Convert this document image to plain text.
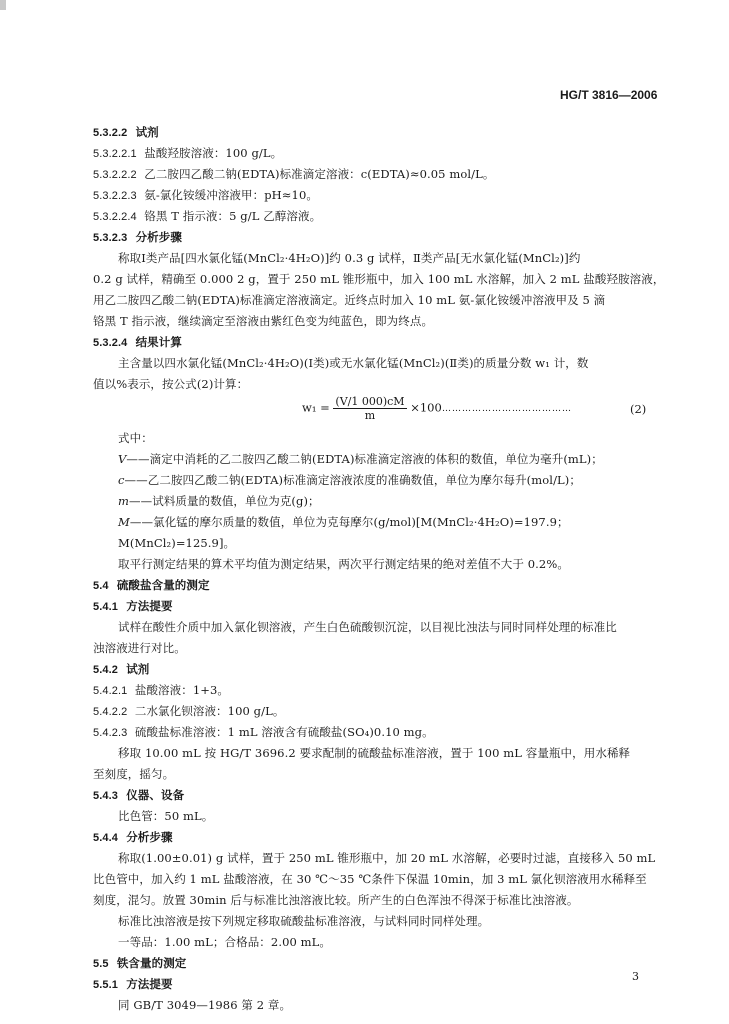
HG/T 3816—2006
5.3.2.2 试剂
5.3.2.2.1 盐酸羟胺溶液：100 g/L。
5.3.2.2.2 乙二胺四乙酸二钠(EDTA)标准滴定溶液：c(EDTA)≈0.05 mol/L。
5.3.2.2.3 氨-氯化铵缓冲溶液甲：pH≈10。
5.3.2.2.4 铬黑 T 指示液：5 g/L 乙醇溶液。
5.3.2.3 分析步骤
称取Ⅰ类产品[四水氯化锰(MnCl₂·4H₂O)]约 0.3 g 试样，Ⅱ类产品[无水氯化锰(MnCl₂)]约
0.2 g 试样，精确至 0.000 2 g，置于 250 mL 锥形瓶中，加入 100 mL 水溶解，加入 2 mL 盐酸羟胺溶液，
用乙二胺四乙酸二钠(EDTA)标准滴定溶液滴定。近终点时加入 10 mL 氨-氯化铵缓冲溶液甲及 5 滴
铬黑 T 指示液，继续滴定至溶液由紫红色变为纯蓝色，即为终点。
5.3.2.4 结果计算
主含量以四水氯化锰(MnCl₂·4H₂O)(Ⅰ类)或无水氯化锰(MnCl₂)(Ⅱ类)的质量分数 w₁ 计，数
值以%表示，按公式(2)计算：
$w_1 = \frac{(V/1 000)cM}{m} \times 100$ …………………………………	(2)
式中：
V——滴定中消耗的乙二胺四乙酸二钠(EDTA)标准滴定溶液的体积的数值，单位为毫升(mL)；
c——乙二胺四乙酸二钠(EDTA)标准滴定溶液浓度的准确数值，单位为摩尔每升(mol/L)；
m——试料质量的数值，单位为克(g)；
M——氯化锰的摩尔质量的数值，单位为克每摩尔(g/mol)[M(MnCl₂·4H₂O)=197.9；
M(MnCl₂)=125.9]。
取平行测定结果的算术平均值为测定结果，两次平行测定结果的绝对差值不大于 0.2%。
5.4 硫酸盐含量的测定
5.4.1 方法提要
试样在酸性介质中加入氯化钡溶液，产生白色硫酸钡沉淀，以目视比浊法与同时同样处理的标准比
浊溶液进行对比。
5.4.2 试剂
5.4.2.1 盐酸溶液：1+3。
5.4.2.2 二水氯化钡溶液：100 g/L。
5.4.2.3 硫酸盐标准溶液：1 mL 溶液含有硫酸盐(SO₄)0.10 mg。
移取 10.00 mL 按 HG/T 3696.2 要求配制的硫酸盐标准溶液，置于 100 mL 容量瓶中，用水稀释
至刻度，摇匀。
5.4.3 仪器、设备
比色管：50 mL。
5.4.4 分析步骤
称取(1.00±0.01) g 试样，置于 250 mL 锥形瓶中，加 20 mL 水溶解，必要时过滤，直接移入 50 mL
比色管中，加入约 1 mL 盐酸溶液，在 30 ℃～35 ℃条件下保温 10min，加 3 mL 氯化钡溶液用水稀释至
刻度，混匀。放置 30min 后与标准比浊溶液比较。所产生的白色浑浊不得深于标准比浊溶液。
标准比浊溶液是按下列规定移取硫酸盐标准溶液，与试料同时同样处理。
一等品：1.00 mL；合格品：2.00 mL。
5.5 铁含量的测定
5.5.1 方法提要
同 GB/T 3049—1986 第 2 章。
3
